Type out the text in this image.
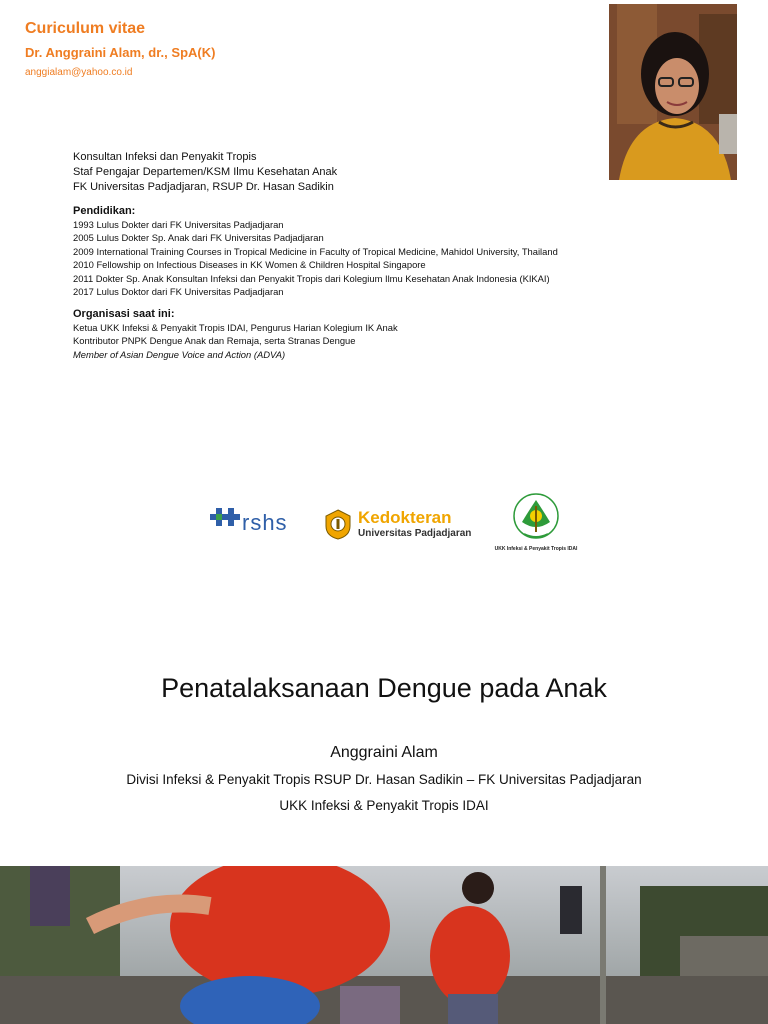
Curiculum vitae
Dr. Anggraini Alam, dr., SpA(K)
anggialam@yahoo.co.id
Konsultan Infeksi dan Penyakit Tropis
Staf Pengajar Departemen/KSM Ilmu Kesehatan Anak
FK Universitas Padjadjaran, RSUP Dr. Hasan Sadikin
Pendidikan:
1993 Lulus Dokter dari FK Universitas Padjadjaran
2005 Lulus Dokter Sp. Anak dari FK Universitas Padjadjaran
2009 International Training Courses in Tropical Medicine in Faculty of Tropical Medicine, Mahidol University, Thailand
2010 Fellowship on Infectious Diseases in KK Women & Children Hospital Singapore
2011 Dokter Sp. Anak Konsultan Infeksi dan Penyakit Tropis dari Kolegium Ilmu Kesehatan Anak Indonesia (KIKAI)
2017 Lulus Doktor dari FK Universitas Padjadjaran
Organisasi saat ini:
Ketua UKK Infeksi & Penyakit Tropis IDAI, Pengurus Harian Kolegium IK Anak
Kontributor PNPK Dengue Anak dan Remaja, serta Stranas Dengue
Member of Asian Dengue Voice and Action (ADVA)
rshs	Kedokteran
Universitas Padjadjaran
UKK Infeksi & Penyakit Tropis IDAI
Penatalaksanaan Dengue pada Anak
Anggraini Alam
Divisi Infeksi & Penyakit Tropis RSUP Dr. Hasan Sadikin – FK Universitas Padjadjaran
UKK Infeksi & Penyakit Tropis IDAI
